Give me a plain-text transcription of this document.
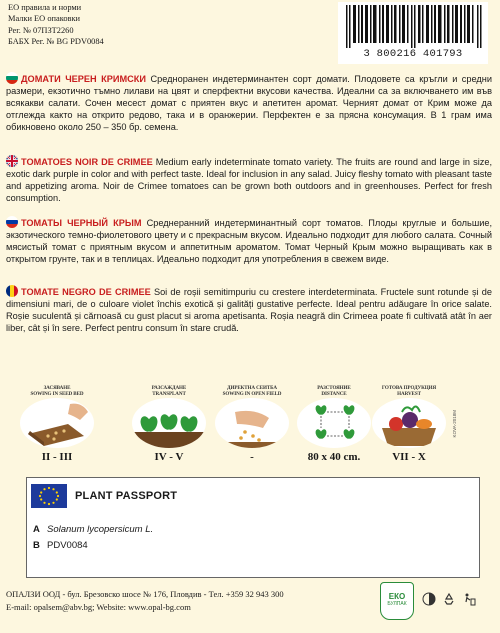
ЕО правила и норми
Малки ЕО опаковки
Рег. № 07ПЗТ2260
БАБХ Рег. № BG PDV0084
3 800216 401793
ДОМАТИ ЧЕРЕН КРИМСКИ Средноранен индетерминантен сорт домати. Плодовете са кръгли и средни размери, екзотично тъмно лилави на цвят и сперфектни вкусови качества. Идеални са за включването им във всякакви салати. Сочен месест домат с приятен вкус и апетитен аромат. Черният домат от Крим може да отглежда както на открито редово, така и в оранжерии. Перфектен е за прясна консумация. В 1 грам има обикновено около 250 – 350 бр. семена.
TOMATOES NOIR DE CRIMEE Medium early indeterminate tomato variety. The fruits are round and large in size, exotic dark purple in color and with perfect taste. Ideal for inclusion in any salad. Juicy fleshy tomato with pleasant taste and appetizing aroma. Noir de Crimee tomatoes can be grown both outdoors and in greenhouses. Perfect for fresh consumption.
ТОМАТЫ ЧЕРНЫЙ КРЫМ Среднеранний индетерминантный сорт томатов. Плоды круглые и большие, экзотического темно-фиолетового цвету и с прекрасным вкусом. Идеально подходит для любого салата. Сочный мясистый томат с приятным вкусом и аппетитным ароматом. Томат Черный Крым можно выращивать как в открытом грунте, так и в теплицах. Идеально подходит для употребления в свежем виде.
TOMATE NEGRO DE CRIMEE Soi de roșii semitimpuriu cu crestere interdeterminata. Fructele sunt rotunde și de dimensiuni mari, de o culoare violet închis exotică și galități gustative perfecte. Ideal pentru adăugare în orice salate. Roșie suculentă și cărnoasă cu gust placut si aroma apetisanta. Roșia neagră din Crimeea poate fi cultivată atât în aer liber, cât și în sere. Perfect pentru consum în stare crudă.
ЗАСЯВАНЕ
SOWING IN SEED BED
II - III
РАЗСАЖДАНЕ
TRANSPLANT
IV - V
ДИРЕКТНА СЕИТБА
SOWING IN OPEN FIELD
-
РАЗСТОЯНИЕ
DISTANCE
80 х 40 cm.
ГОТОВА ПРОДУКЦИЯ
HARVEST
VII - X
KOVA-2018M
PLANT PASSPORT
A Solanum lycopersicum L.
B PDV0084
ОПАЛЗИ ООД - бул. Брезовско шосе № 176, Пловдив - Тел. +359 32 943 300
E-mail: opalsem@abv.bg; Website: www.opal-bg.com
ЕКО
БУЛПАК
